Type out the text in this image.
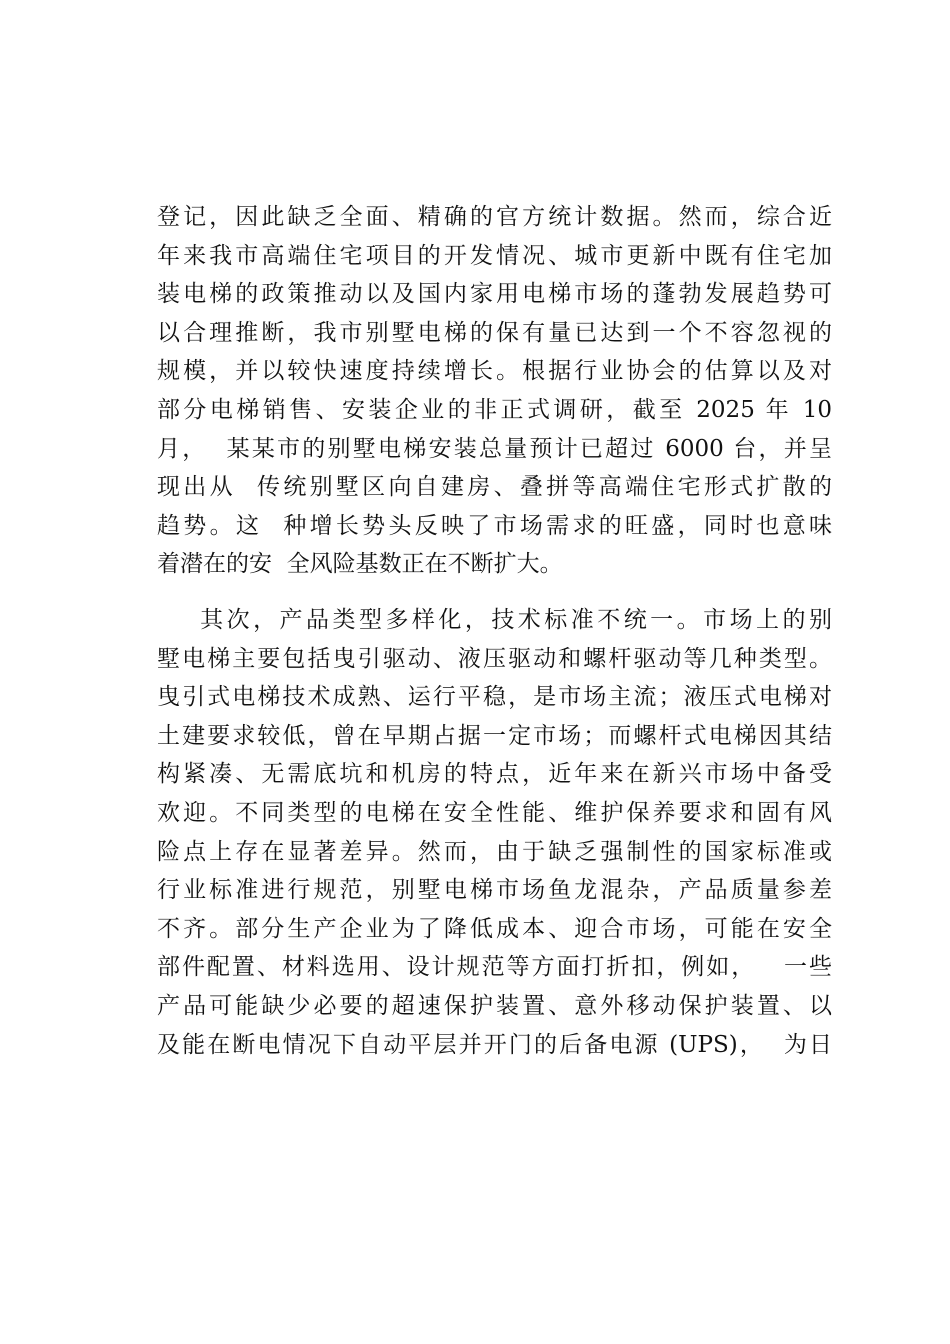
登记，因此缺乏全面、精确的官方统计数据。然而，综合近
年来我市高端住宅项目的开发情况、城市更新中既有住宅加
装电梯的政策推动以及国内家用电梯市场的蓬勃发展趋势可
以合理推断，我市别墅电梯的保有量已达到一个不容忽视的
规模，并以较快速度持续增长。根据行业协会的估算以及对
部分电梯销售、安装企业的非正式调研，截至 2025 年 10
月，  某某市的别墅电梯安装总量预计已超过 6000 台，并呈
现出从  传统别墅区向自建房、叠拼等高端住宅形式扩散的
趋势。这  种增长势头反映了市场需求的旺盛，同时也意味
着潜在的安  全风险基数正在不断扩大。
其次，产品类型多样化，技术标准不统一。市场上的别
墅电梯主要包括曳引驱动、液压驱动和螺杆驱动等几种类型。
曳引式电梯技术成熟、运行平稳，是市场主流；液压式电梯对
土建要求较低，曾在早期占据一定市场；而螺杆式电梯因其结
构紧凑、无需底坑和机房的特点，近年来在新兴市场中备受
欢迎。不同类型的电梯在安全性能、维护保养要求和固有风
险点上存在显著差异。然而，由于缺乏强制性的国家标准或
行业标准进行规范，别墅电梯市场鱼龙混杂，产品质量参差
不齐。部分生产企业为了降低成本、迎合市场，可能在安全
部件配置、材料选用、设计规范等方面打折扣，例如，   一些
产品可能缺少必要的超速保护装置、意外移动保护装置、以
及能在断电情况下自动平层并开门的后备电源 (UPS)，  为日
